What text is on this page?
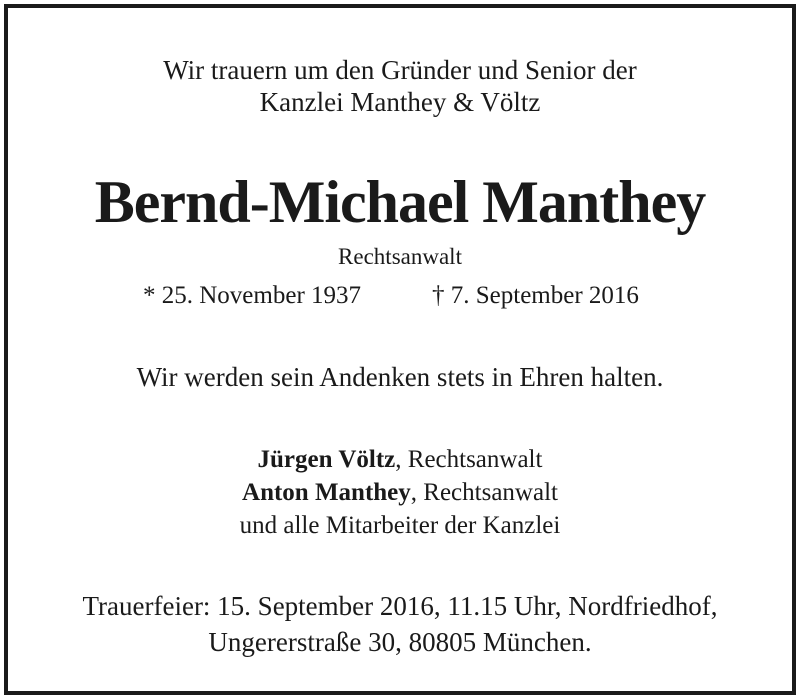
Wir trauern um den Gründer und Senior der
Kanzlei Manthey & Völtz
Bernd-Michael Manthey
Rechtsanwalt
* 25. November 1937	† 7. September 2016
Wir werden sein Andenken stets in Ehren halten.
Jürgen Völtz, Rechtsanwalt
Anton Manthey, Rechtsanwalt
und alle Mitarbeiter der Kanzlei
Trauerfeier: 15. September 2016, 11.15 Uhr, Nordfriedhof,
Ungererstraße 30, 80805 München.
